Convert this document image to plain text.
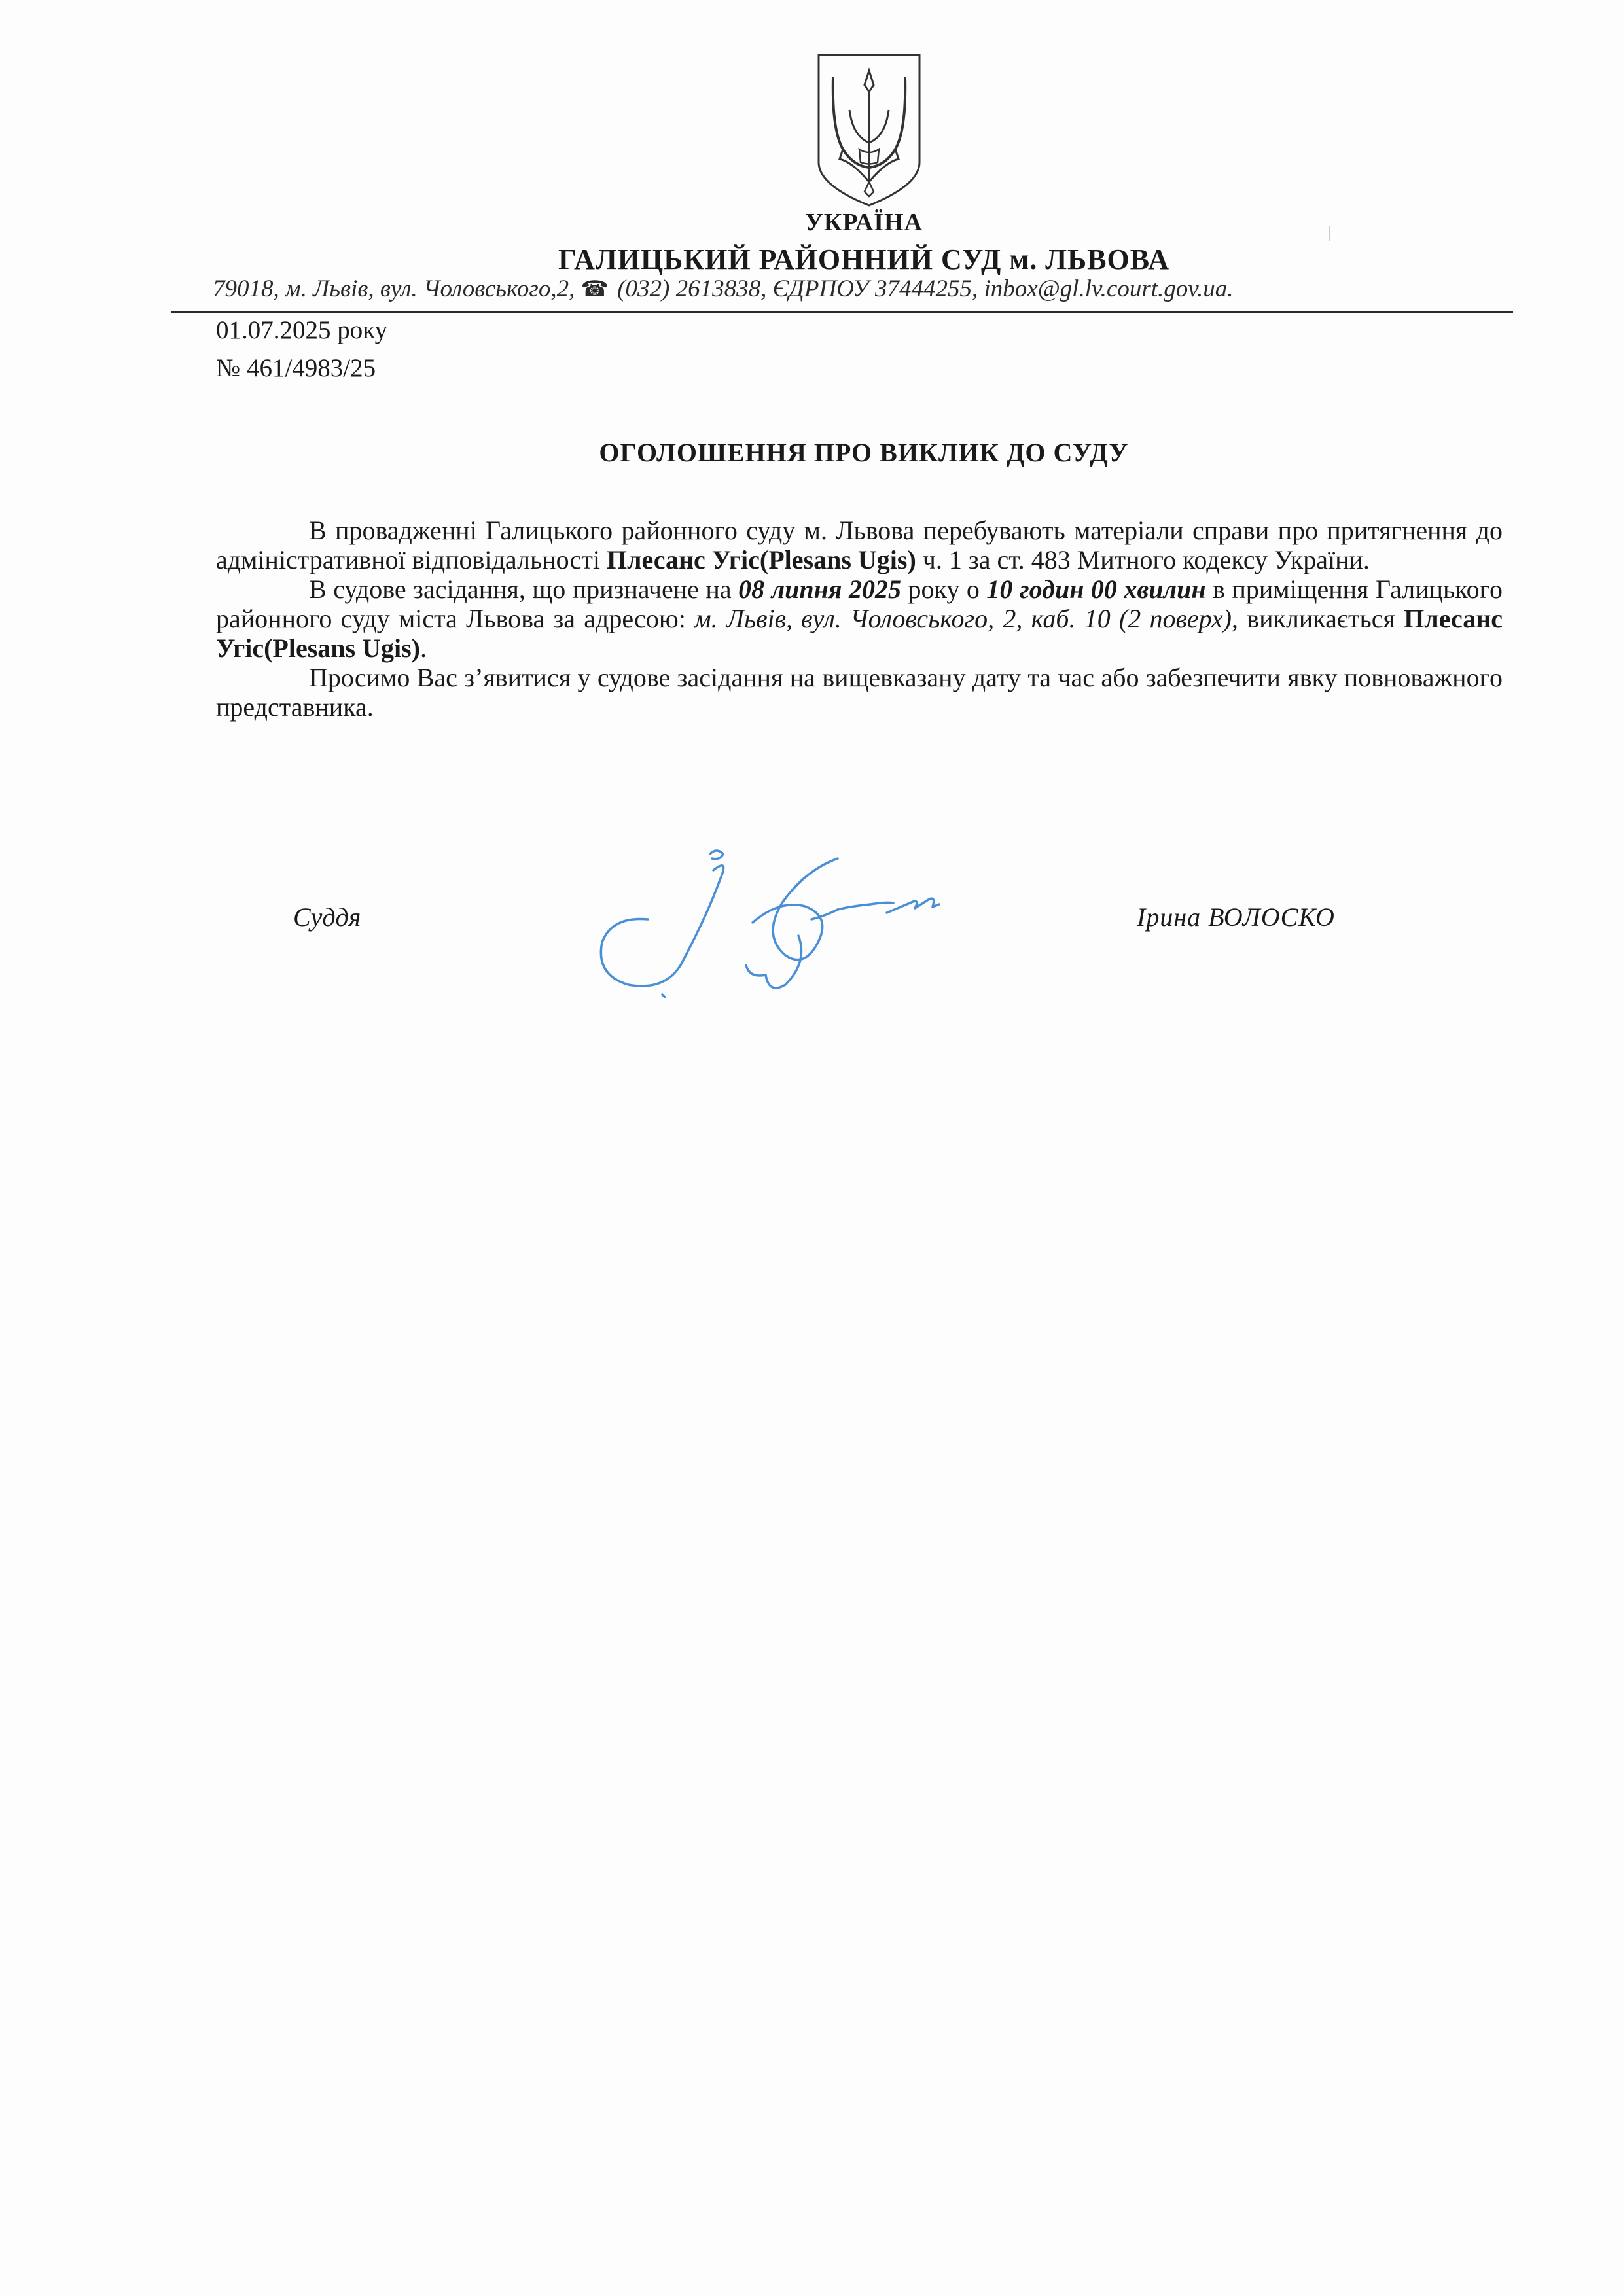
УКРАЇНА
ГАЛИЦЬКИЙ РАЙОННИЙ СУД м. ЛЬВОВА
79018, м. Львів, вул. Чоловського,2, ☎ (032) 2613838, ЄДРПОУ 37444255, inbox@gl.lv.court.gov.ua.
01.07.2025 року
№ 461/4983/25
ОГОЛОШЕННЯ ПРО ВИКЛИК ДО СУДУ

В провадженні Галицького районного суду м. Львова перебувають матеріали справи про притягнення до адміністративної відповідальності Плесанс Угіс(Plesans Ugis) ч. 1 за ст. 483 Митного кодексу України.

В судове засідання, що призначене на 08 липня 2025 року о 10 годин 00 хвилин в приміщення Галицького районного суду міста Львова за адресою: м. Львів, вул. Чоловського, 2, каб. 10 (2 поверх), викликається Плесанс Угіс(Plesans Ugis).

Просимо Вас з’явитися у судове засідання на вищевказану дату та час або забезпечити явку повноважного представника.

Суддя	Ірина ВОЛОСКО
